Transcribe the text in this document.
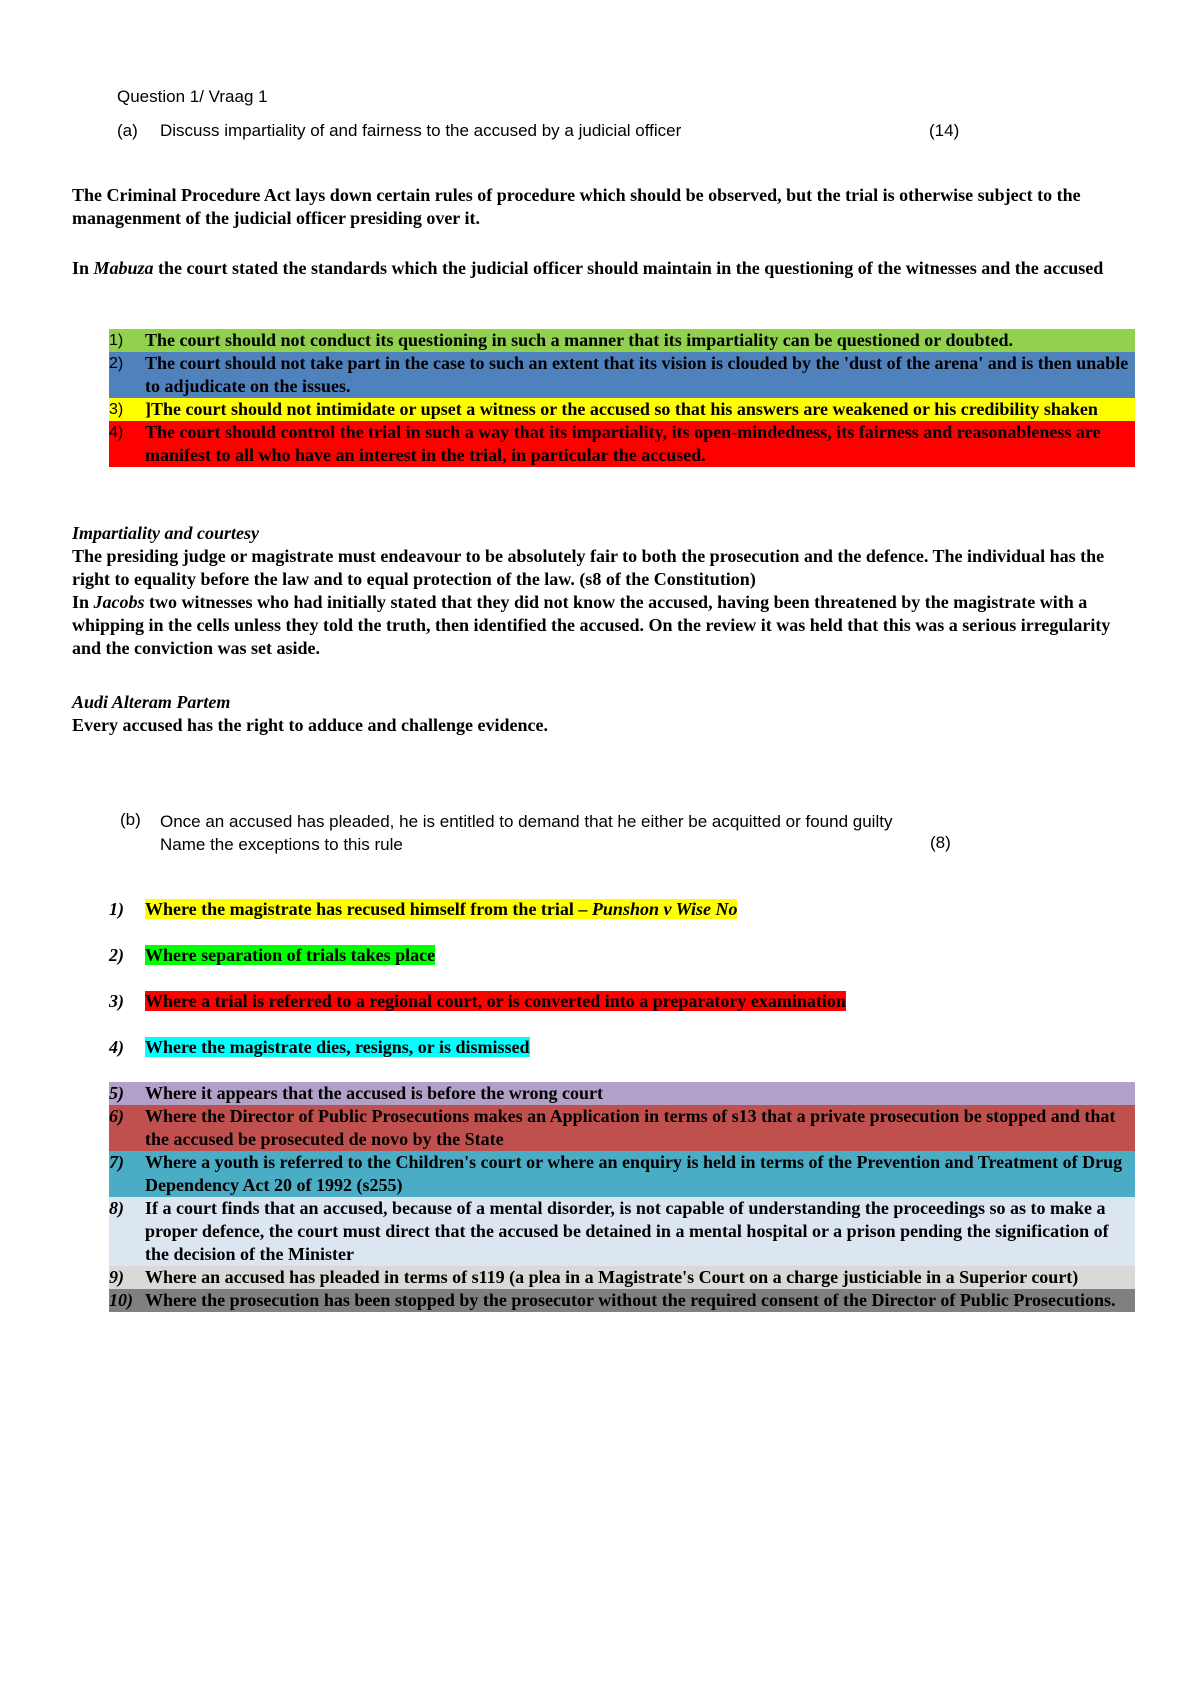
Question 1/ Vraag 1
(a) Discuss impartiality of and fairness to the accused by a judicial officer	(14)
The Criminal Procedure Act lays down certain rules of procedure which should be observed, but the trial is otherwise subject to the managenment of the judicial officer presiding over it.
In Mabuza the court stated the standards which the judicial officer should maintain in the questioning of the witnesses and the accused
1) The court should not conduct its questioning in such a manner that its impartiality can be questioned or doubted.
2) The court should not take part in the case to such an extent that its vision is clouded by the 'dust of the arena' and is then unable to adjudicate on the issues.
3) ]The court should not intimidate or upset a witness or the accused so that his answers are weakened or his credibility shaken
4) The court should control the trial in such a way that its impartiality, its open-mindedness, its fairness and reasonableness are manifest to all who have an interest in the trial, in particular the accused.
Impartiality and courtesy
The presiding judge or magistrate must endeavour to be absolutely fair to both the prosecution and the defence. The individual has the right to equality before the law and to equal protection of the law. (s8 of the Constitution)
In Jacobs two witnesses who had initially stated that they did not know the accused, having been threatened by the magistrate with a whipping in the cells unless they told the truth, then identified the accused. On the review it was held that this was a serious irregularity and the conviction was set aside.
Audi Alteram Partem
Every accused has the right to adduce and challenge evidence.
(b) Once an accused has pleaded, he is entitled to demand that he either be acquitted or found guilty Name the exceptions to this rule	(8)
1)	Where the magistrate has recused himself from the trial – Punshon v Wise No
2)	Where separation of trials takes place
3)	Where a trial is referred to a regional court, or is converted into a preparatory examination
4)	Where the magistrate dies, resigns, or is dismissed
5) Where it appears that the accused is before the wrong court
6) Where the Director of Public Prosecutions makes an Application in terms of s13 that a private prosecution be stopped and that the accused be prosecuted de novo by the State
7) Where a youth is referred to the Children's court or where an enquiry is held in terms of the Prevention and Treatment of Drug Dependency Act 20 of 1992 (s255)
8) If a court finds that an accused, because of a mental disorder, is not capable of understanding the proceedings so as to make a proper defence, the court must direct that the accused be detained in a mental hospital or a prison pending the signification of the decision of the Minister
9) Where an accused has pleaded in terms of s119 (a plea in a Magistrate's Court on a charge justiciable in a Superior court)
10) Where the prosecution has been stopped by the prosecutor without the required consent of the Director of Public Prosecutions.
